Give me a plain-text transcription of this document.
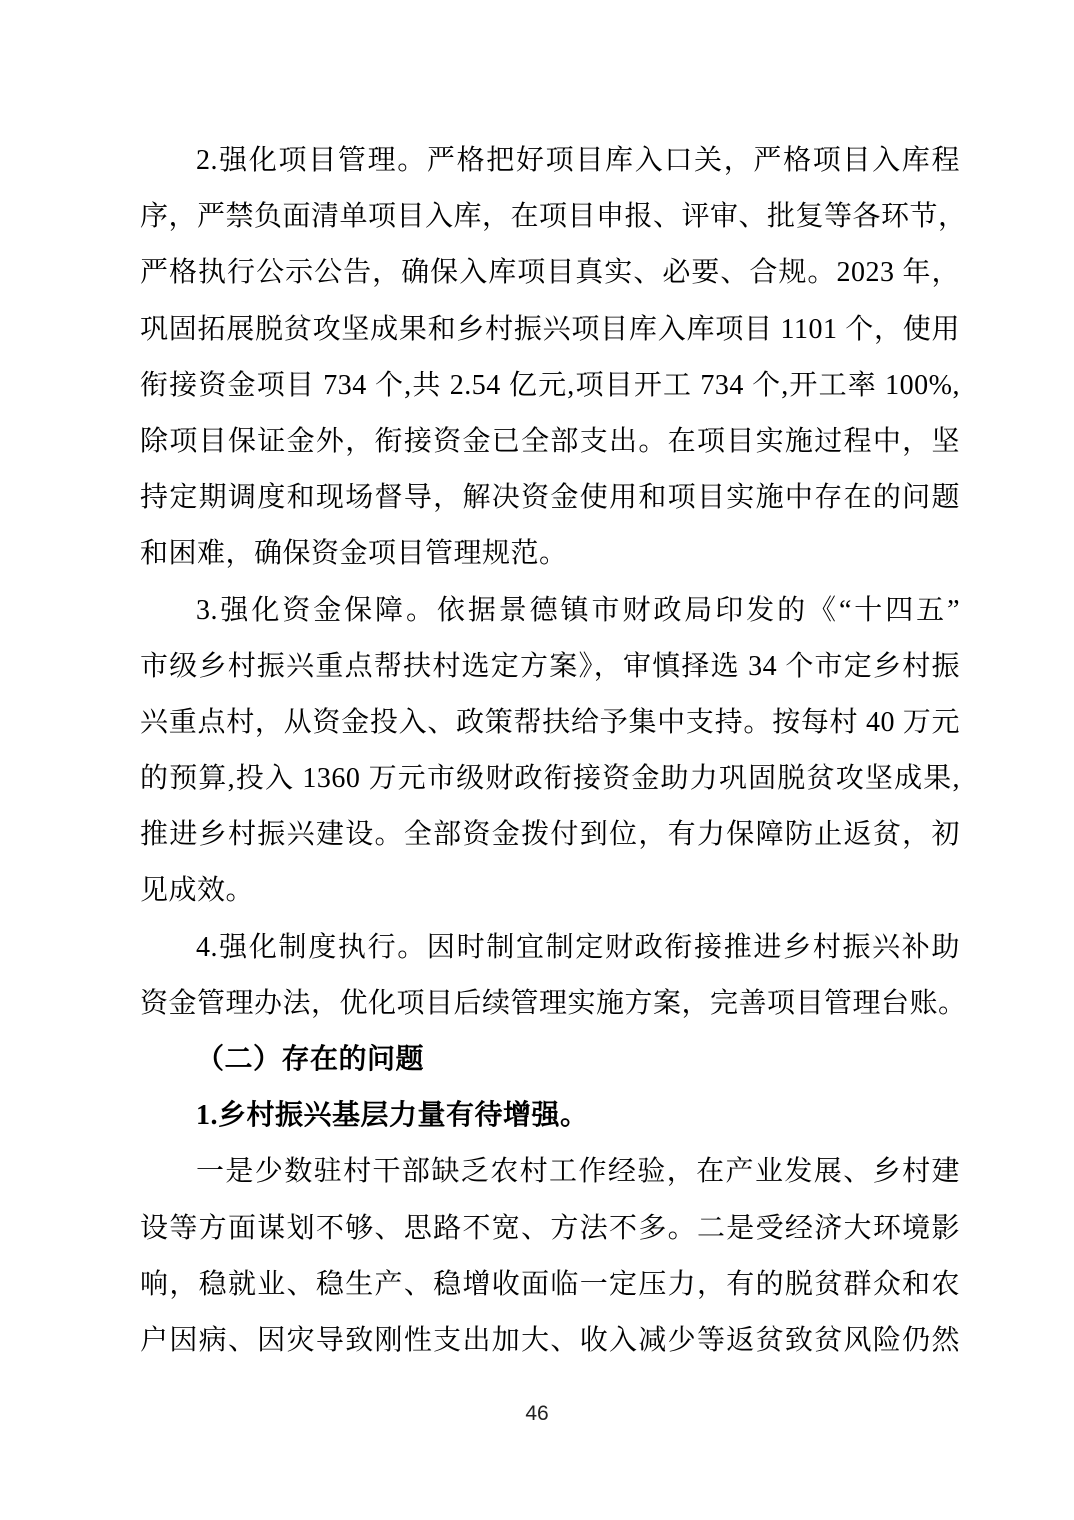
2.强化项目管理。严格把好项目库入口关，严格项目入库程
序，严禁负面清单项目入库，在项目申报、评审、批复等各环节，
严格执行公示公告，确保入库项目真实、必要、合规。2023 年，
巩固拓展脱贫攻坚成果和乡村振兴项目库入库项目 1101 个，使用
衔接资金项目 734 个,共 2.54 亿元,项目开工 734 个,开工率 100%,
除项目保证金外，衔接资金已全部支出。在项目实施过程中，坚
持定期调度和现场督导，解决资金使用和项目实施中存在的问题
和困难，确保资金项目管理规范。
3.强化资金保障。依据景德镇市财政局印发的《“十四五”
市级乡村振兴重点帮扶村选定方案》，审慎择选 34 个市定乡村振
兴重点村，从资金投入、政策帮扶给予集中支持。按每村 40 万元
的预算,投入 1360 万元市级财政衔接资金助力巩固脱贫攻坚成果,
推进乡村振兴建设。全部资金拨付到位，有力保障防止返贫，初
见成效。
4.强化制度执行。因时制宜制定财政衔接推进乡村振兴补助
资金管理办法，优化项目后续管理实施方案，完善项目管理台账。
（二）存在的问题
1.乡村振兴基层力量有待增强。
一是少数驻村干部缺乏农村工作经验，在产业发展、乡村建
设等方面谋划不够、思路不宽、方法不多。二是受经济大环境影
响，稳就业、稳生产、稳增收面临一定压力，有的脱贫群众和农
户因病、因灾导致刚性支出加大、收入减少等返贫致贫风险仍然
46
